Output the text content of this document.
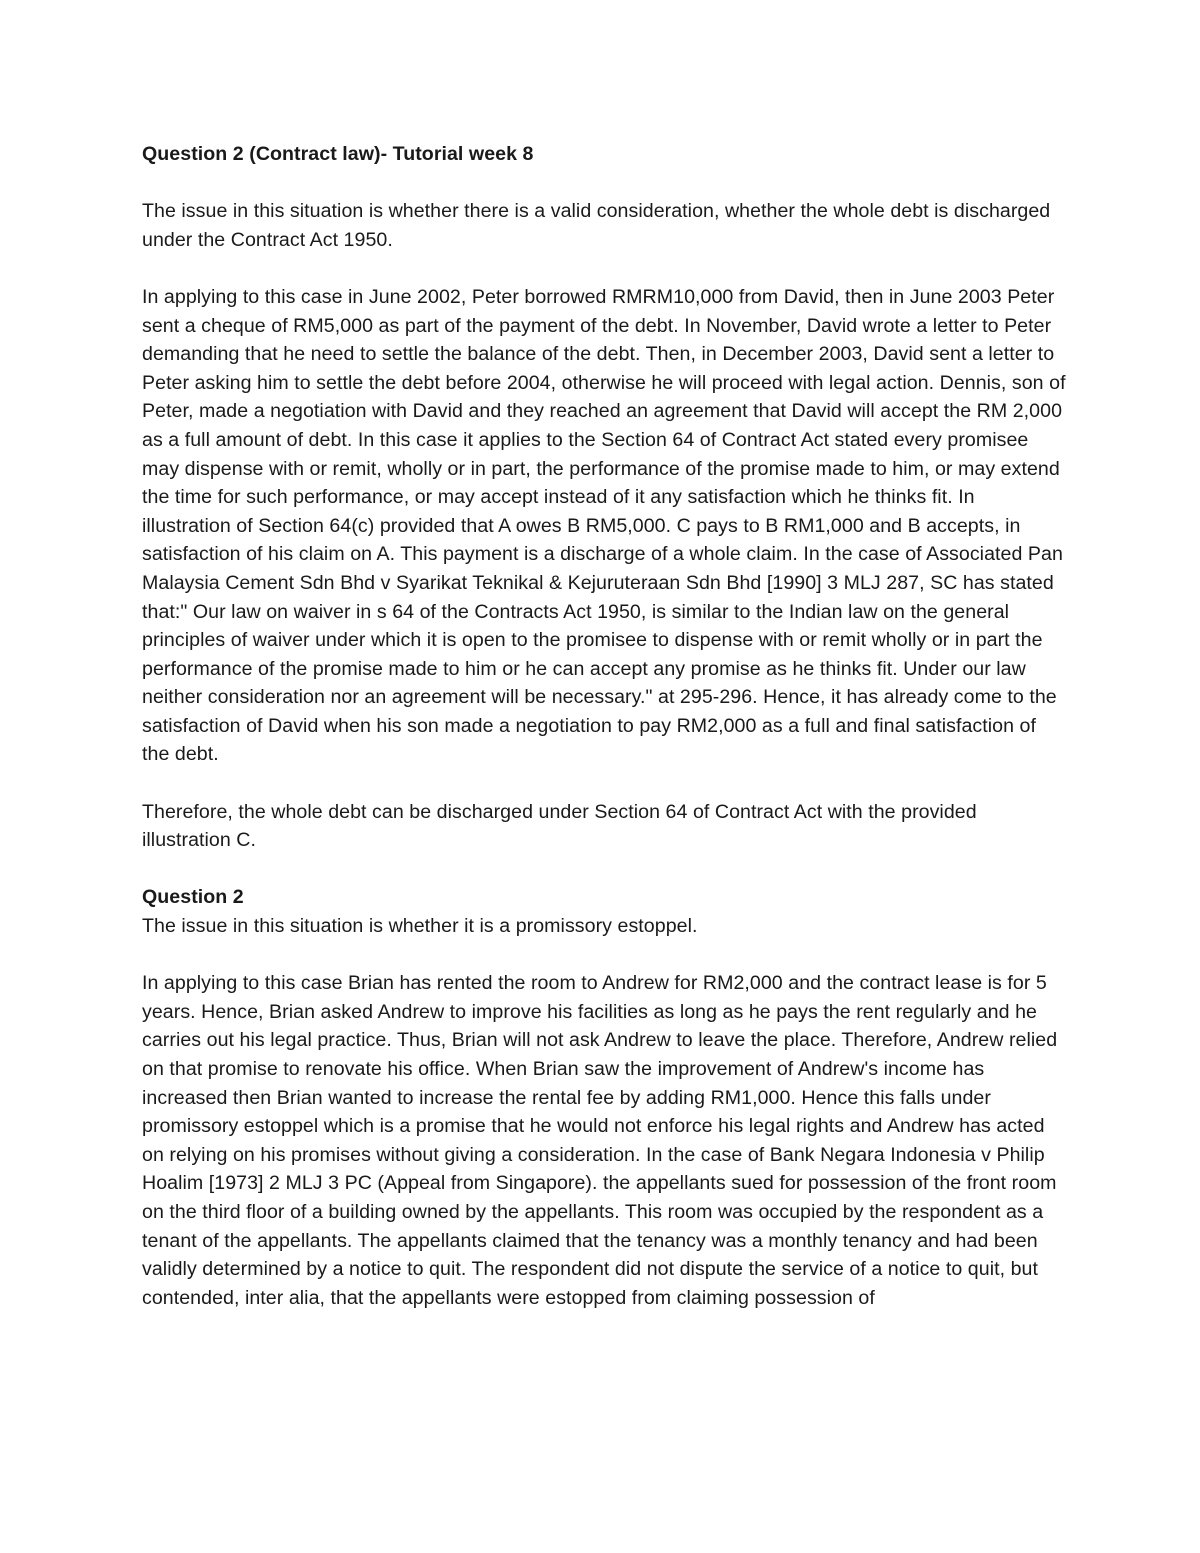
Question 2 (Contract law)- Tutorial week 8

The issue in this situation is whether there is a valid consideration, whether the whole debt is discharged under the Contract Act 1950.

In applying to this case in June 2002, Peter borrowed RMRM10,000 from David, then in June 2003 Peter sent a cheque of RM5,000 as part of the payment of the debt. In November, David wrote a letter to Peter demanding that he need to settle the balance of the debt. Then, in December 2003, David sent a letter to Peter asking him to settle the debt before 2004, otherwise he will proceed with legal action. Dennis, son of Peter, made a negotiation with David and they reached an agreement that David will accept the RM 2,000 as a full amount of debt. In this case it applies to the Section 64 of Contract Act stated every promisee may dispense with or remit, wholly or in part, the performance of the promise made to him, or may extend the time for such performance, or may accept instead of it any satisfaction which he thinks fit. In illustration of Section 64(c) provided that A owes B RM5,000. C pays to B RM1,000 and B accepts, in satisfaction of his claim on A. This payment is a discharge of a whole claim. In the case of Associated Pan Malaysia Cement Sdn Bhd v Syarikat Teknikal & Kejuruteraan Sdn Bhd [1990] 3 MLJ 287, SC has stated that:" Our law on waiver in s 64 of the Contracts Act 1950, is similar to the Indian law on the general principles of waiver under which it is open to the promisee to dispense with or remit wholly or in part the performance of the promise made to him or he can accept any promise as he thinks fit. Under our law neither consideration nor an agreement will be necessary." at 295-296. Hence, it has already come to the satisfaction of David when his son made a negotiation to pay RM2,000 as a full and final satisfaction of the debt.

Therefore, the whole debt can be discharged under Section 64 of Contract Act with the provided illustration C.

Question 2

The issue in this situation is whether it is a promissory estoppel.

In applying to this case Brian has rented the room to Andrew for RM2,000 and the contract lease is for 5 years. Hence, Brian asked Andrew to improve his facilities as long as he pays the rent regularly and he carries out his legal practice. Thus, Brian will not ask Andrew to leave the place. Therefore, Andrew relied on that promise to renovate his office. When Brian saw the improvement of Andrew's income has increased then Brian wanted to increase the rental fee by adding RM1,000. Hence this falls under promissory estoppel which is a promise that he would not enforce his legal rights and Andrew has acted on relying on his promises without giving a consideration. In the case of Bank Negara Indonesia v Philip Hoalim [1973] 2 MLJ 3 PC (Appeal from Singapore). the appellants sued for possession of the front room on the third floor of a building owned by the appellants. This room was occupied by the respondent as a tenant of the appellants. The appellants claimed that the tenancy was a monthly tenancy and had been validly determined by a notice to quit. The respondent did not dispute the service of a notice to quit, but contended, inter alia, that the appellants were estopped from claiming possession of
